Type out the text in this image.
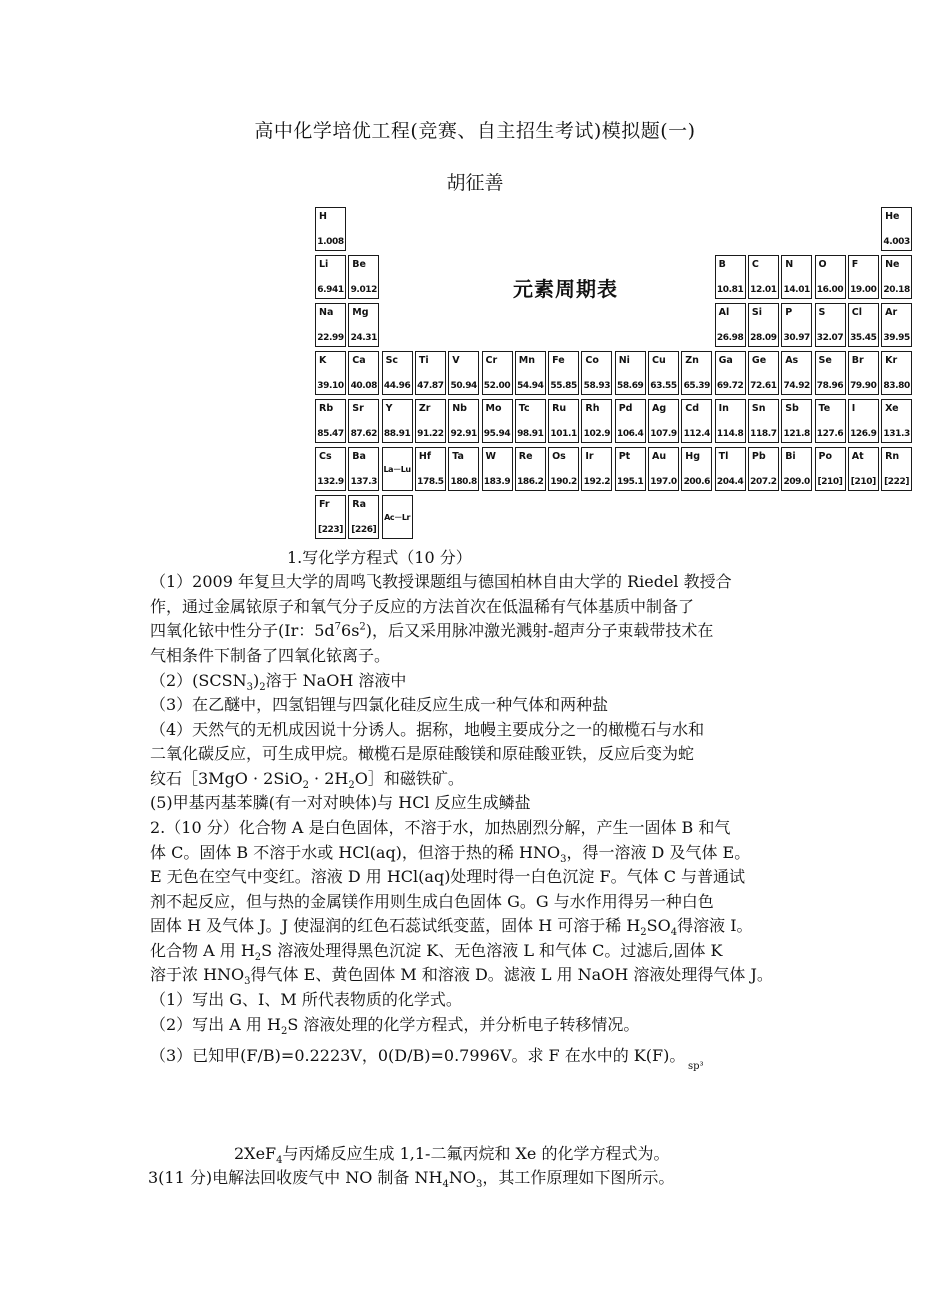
高中化学培优工程(竞赛、自主招生考试)模拟题(一)
胡征善
元素周期表
H
1.008
He
4.003
Li
6.941
Be
9.012
B
10.81
C
12.01
N
14.01
O
16.00
F
19.00
Ne
20.18
Na
22.99
Mg
24.31
Al
26.98
Si
28.09
P
30.97
S
32.07
Cl
35.45
Ar
39.95
K
39.10
Ca
40.08
Sc
44.96
Ti
47.87
V
50.94
Cr
52.00
Mn
54.94
Fe
55.85
Co
58.93
Ni
58.69
Cu
63.55
Zn
65.39
Ga
69.72
Ge
72.61
As
74.92
Se
78.96
Br
79.90
Kr
83.80
Rb
85.47
Sr
87.62
Y
88.91
Zr
91.22
Nb
92.91
Mo
95.94
Tc
98.91
Ru
101.1
Rh
102.9
Pd
106.4
Ag
107.9
Cd
112.4
In
114.8
Sn
118.7
Sb
121.8
Te
127.6
I
126.9
Xe
131.3
Cs
132.9
Ba
137.3
La－Lu
Hf
178.5
Ta
180.8
W
183.9
Re
186.2
Os
190.2
Ir
192.2
Pt
195.1
Au
197.0
Hg
200.6
Tl
204.4
Pb
207.2
Bi
209.0
Po
[210]
At
[210]
Rn
[222]
Fr
[223]
Ra
[226]
Ac－Lr
1.写化学方程式（10 分）
（1）2009 年复旦大学的周鸣飞教授课题组与德国柏林自由大学的 Riedel 教授合
作，通过金属铱原子和氧气分子反应的方法首次在低温稀有气体基质中制备了
四氧化铱中性分子(Ir：$5d^76s^2$)，后又采用脉冲激光溅射-超声分子束载带技术在
气相条件下制备了四氧化铱离子。
$(2)(SCSN_3)_2$溶于 NaOH 溶液中
（3）在乙醚中，四氢铝锂与四氯化硅反应生成一种气体和两种盐
（4）天然气的无机成因说十分诱人。据称，地幔主要成分之一的橄榄石与水和
二氧化碳反应，可生成甲烷。橄榄石是原硅酸镁和原硅酸亚铁，反应后变为蛇
纹石［3MgO · $2SiO_2 \cdot 2H_2O]$和磁铁矿。
(5)甲基丙基苯膦(有一对对映体)与 HCl 反应生成鳞盐
2.（10 分）化合物 A 是白色固体，不溶于水，加热剧烈分解，产生一固体 B 和气
体 C。固体 B 不溶于水或 HCl(aq)，但溶于热的稀 $HNO_3$，得一溶液 D 及气体 E。
E 无色在空气中变红。溶液 D 用 HCl(aq)处理时得一白色沉淀 F。气体 C 与普通试
剂不起反应，但与热的金属镁作用则生成白色固体 G。G 与水作用得另一种白色
固体 H 及气体 J。J 使湿润的红色石蕊试纸变蓝，固体 H 可溶于稀 $H_2SO_4$得溶液 I。
化合物 A 用 $H_2S$ 溶液处理得黑色沉淀 K、无色溶液 L 和气体 C。过滤后,固体 K
溶于浓 $HNO_3$得气体 E、黄色固体 M 和溶液 D。滤液 L 用 NaOH 溶液处理得气体 J。
（1）写出 G、I、M 所代表物质的化学式。
（2）写出 A 用 $H_2S$ 溶液处理的化学方程式，并分析电子转移情况。
（3）已知甲(F/B)=0.2223V，0(D/B)=0.7996V。求 F 在水中的 K(F)。
sp³
2XeF$_4$与丙烯反应生成 1,1-二氟丙烷和 Xe 的化学方程式为。
3(11 分)电解法回收废气中 NO 制备 $NH_4NO_3$，其工作原理如下图所示。
